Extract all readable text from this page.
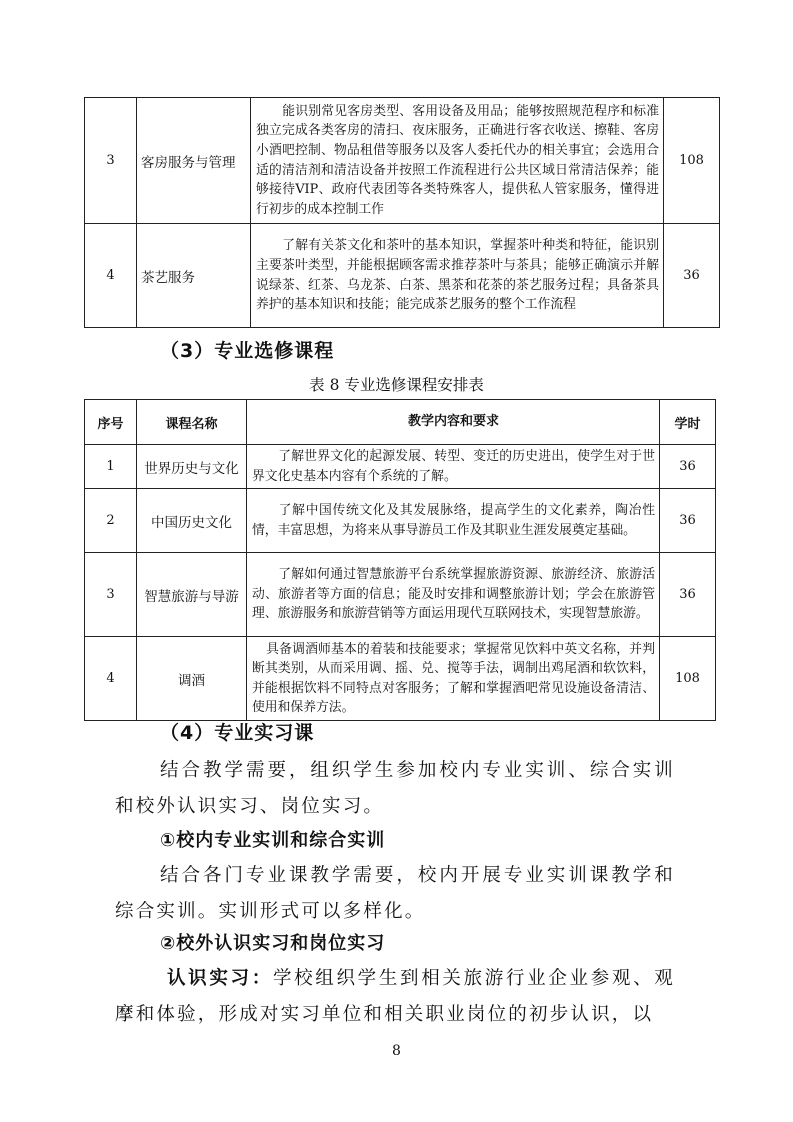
3	客房服务与管理	能识别常见客房类型、客用设备及用品；能够按照规范程序和标准独立完成各类客房的清扫、夜床服务，正确进行客衣收送、擦鞋、客房小酒吧控制、物品租借等服务以及客人委托代办的相关事宜；会选用合适的清洁剂和清洁设备并按照工作流程进行公共区域日常清洁保养；能够接待VIP、政府代表团等各类特殊客人，提供私人管家服务，懂得进行初步的成本控制工作	108
4	茶艺服务	了解有关茶文化和茶叶的基本知识，掌握茶叶种类和特征，能识别主要茶叶类型，并能根据顾客需求推荐茶叶与茶具；能够正确演示并解说绿茶、红茶、乌龙茶、白茶、黑茶和花茶的茶艺服务过程；具备茶具养护的基本知识和技能；能完成茶艺服务的整个工作流程	36
（3）专业选修课程
表 8 专业选修课程安排表
序号	课程名称	教学内容和要求	学时
1	世界历史与文化	了解世界文化的起源发展、转型、变迁的历史进出，使学生对于世界文化史基本内容有个系统的了解。	36
2	中国历史文化	了解中国传统文化及其发展脉络，提高学生的文化素养，陶冶性情，丰富思想，为将来从事导游员工作及其职业生涯发展奠定基础。	36
3	智慧旅游与导游	了解如何通过智慧旅游平台系统掌握旅游资源、旅游经济、旅游活动、旅游者等方面的信息；能及时安排和调整旅游计划；学会在旅游管理、旅游服务和旅游营销等方面运用现代互联网技术，实现智慧旅游。	36
4	调酒	具备调酒师基本的着装和技能要求；掌握常见饮料中英文名称，并判断其类别，从而采用调、摇、兑、搅等手法，调制出鸡尾酒和软饮料，并能根据饮料不同特点对客服务；了解和掌握酒吧常见设施设备清洁、使用和保养方法。	108
（4）专业实习课
结合教学需要，组织学生参加校内专业实训、综合实训和校外认识实习、岗位实习。
①校内专业实训和综合实训
结合各门专业课教学需要，校内开展专业实训课教学和综合实训。实训形式可以多样化。
②校外认识实习和岗位实习
认识实习：学校组织学生到相关旅游行业企业参观、观摩和体验，形成对实习单位和相关职业岗位的初步认识，以
8
